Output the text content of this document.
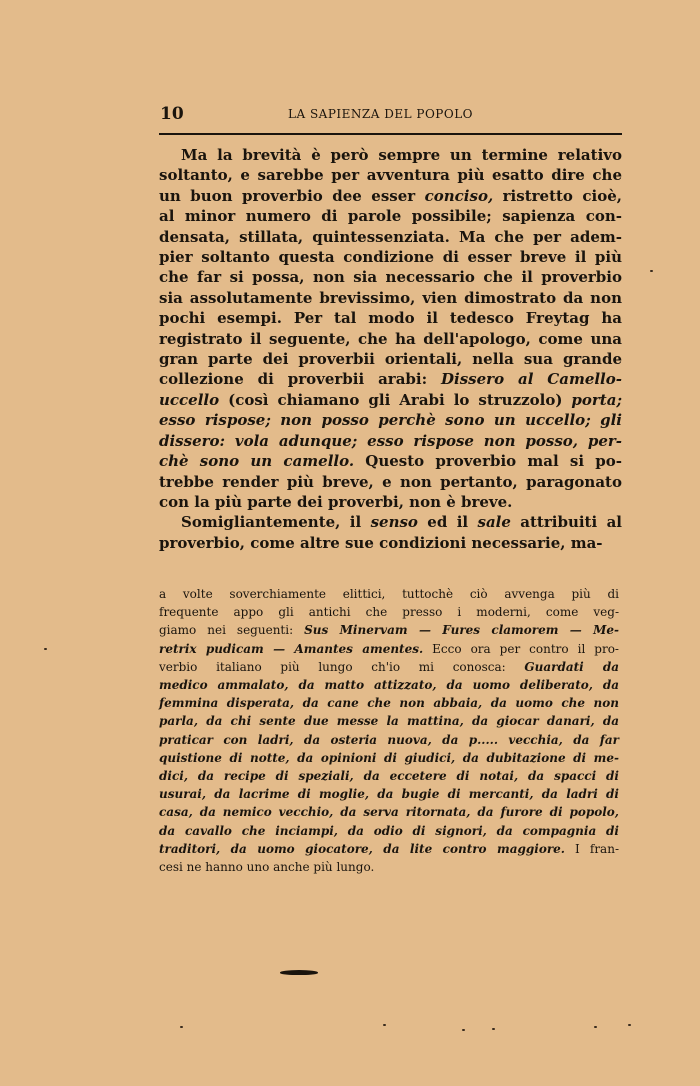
10	LA SAPIENZA DEL POPOLO

Ma la brevità è però sempre un termine relativo

soltanto, e sarebbe per avventura più esatto dire che

un buon proverbio dee esser conciso, ristretto cioè,

al minor numero di parole possibile; sapienza con-

densata, stillata, quintessenziata. Ma che per adem-

pier soltanto questa condizione di esser breve il più

che far si possa, non sia necessario che il proverbio

sia assolutamente brevissimo, vien dimostrato da non

pochi esempi. Per tal modo il tedesco Freytag ha

registrato il seguente, che ha dell'apologo, come una

gran parte dei proverbii orientali, nella sua grande

collezione di proverbii arabi: Dissero al Camello-

uccello (così chiamano gli Arabi lo struzzolo) porta;

esso rispose; non posso perchè sono un uccello; gli

dissero: vola adunque; esso rispose non posso, per-

chè sono un camello. Questo proverbio mal si po-

trebbe render più breve, e non pertanto, paragonato

con la più parte dei proverbi, non è breve.

Somigliantemente, il senso ed il sale attribuiti al

proverbio, come altre sue condizioni necessarie, ma-

a volte soverchiamente elittici, tuttochè ciò avvenga più di

frequente appo gli antichi che presso i moderni, come veg-

giamo nei seguenti: Sus Minervam — Fures clamorem — Me-

retrix pudicam — Amantes amentes. Ecco ora per contro il pro-

verbio italiano più lungo ch'io mi conosca: Guardati da

medico ammalato, da matto attizzato, da uomo deliberato, da

femmina disperata, da cane che non abbaia, da uomo che non

parla, da chi sente due messe la mattina, da giocar danari, da

praticar con ladri, da osteria nuova, da p..... vecchia, da far

quistione di notte, da opinioni di giudici, da dubitazione di me-

dici, da recipe di speziali, da eccetere di notai, da spacci di

usurai, da lacrime di moglie, da bugie di mercanti, da ladri di

casa, da nemico vecchio, da serva ritornata, da furore di popolo,

da cavallo che inciampi, da odio di signori, da compagnia di

traditori, da uomo giocatore, da lite contro maggiore. I fran-

cesi ne hanno uno anche più lungo.
